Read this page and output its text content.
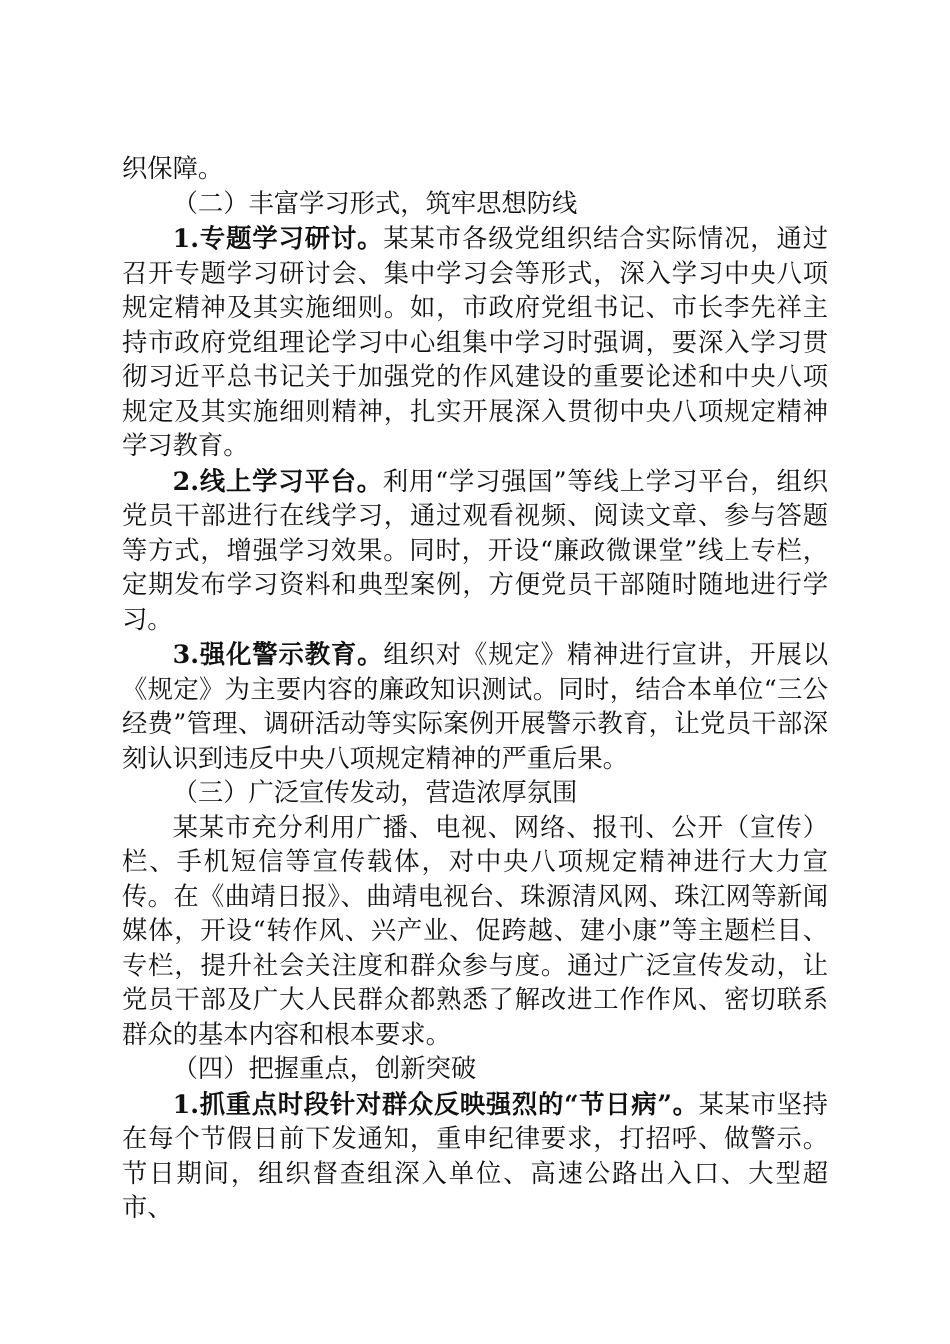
织保障。

（二）丰富学习形式，筑牢思想防线

1.专题学习研讨。某某市各级党组织结合实际情况，通过召开专题学习研讨会、集中学习会等形式，深入学习中央八项规定精神及其实施细则。如，市政府党组书记、市长李先祥主持市政府党组理论学习中心组集中学习时强调，要深入学习贯彻习近平总书记关于加强党的作风建设的重要论述和中央八项规定及其实施细则精神，扎实开展深入贯彻中央八项规定精神学习教育。

2.线上学习平台。利用“学习强国”等线上学习平台，组织党员干部进行在线学习，通过观看视频、阅读文章、参与答题等方式，增强学习效果。同时，开设“廉政微课堂”线上专栏，定期发布学习资料和典型案例，方便党员干部随时随地进行学习。

3.强化警示教育。组织对《规定》精神进行宣讲，开展以《规定》为主要内容的廉政知识测试。同时，结合本单位“三公经费”管理、调研活动等实际案例开展警示教育，让党员干部深刻认识到违反中央八项规定精神的严重后果。

（三）广泛宣传发动，营造浓厚氛围

某某市充分利用广播、电视、网络、报刊、公开（宣传）栏、手机短信等宣传载体，对中央八项规定精神进行大力宣传。在《曲靖日报》、曲靖电视台、珠源清风网、珠江网等新闻媒体，开设“转作风、兴产业、促跨越、建小康”等主题栏目、专栏，提升社会关注度和群众参与度。通过广泛宣传发动，让党员干部及广大人民群众都熟悉了解改进工作作风、密切联系群众的基本内容和根本要求。

（四）把握重点，创新突破

1.抓重点时段针对群众反映强烈的“节日病”。某某市坚持在每个节假日前下发通知，重申纪律要求，打招呼、做警示。节日期间，组织督查组深入单位、高速公路出入口、大型超市、
